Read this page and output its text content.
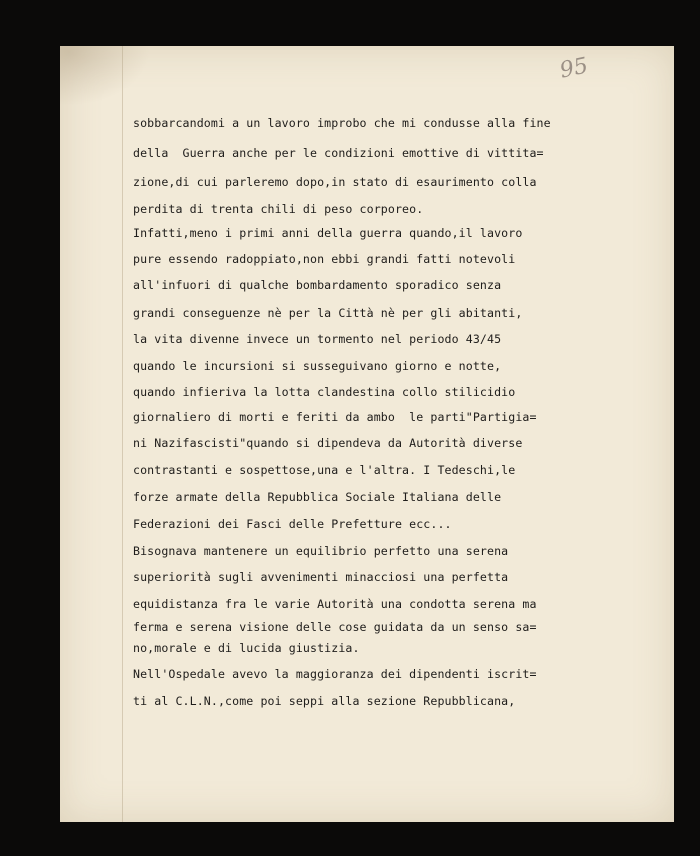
95
sobbarcandomi a un lavoro improbo che mi condusse alla fine
della  Guerra anche per le condizioni emottive di vittita=
zione,di cui parleremo dopo,in stato di esaurimento colla
perdita di trenta chili di peso corporeo.
Infatti,meno i primi anni della guerra quando,il lavoro
pure essendo radoppiato,non ebbi grandi fatti notevoli
all'infuori di qualche bombardamento sporadico senza
grandi conseguenze nè per la Città nè per gli abitanti,
la vita divenne invece un tormento nel periodo 43/45
quando le incursioni si susseguivano giorno e notte,
quando infieriva la lotta clandestina collo stilicidio
giornaliero di morti e feriti da ambo  le parti"Partigia=
ni Nazifascisti"quando si dipendeva da Autorità diverse
contrastanti e sospettose,una e l'altra. I Tedeschi,le
forze armate della Repubblica Sociale Italiana delle
Federazioni dei Fasci delle Prefetture ecc...
Bisognava mantenere un equilibrio perfetto una serena
superiorità sugli avvenimenti minacciosi una perfetta
equidistanza fra le varie Autorità una condotta serena ma
ferma e serena visione delle cose guidata da un senso sa=
no,morale e di lucida giustizia.
Nell'Ospedale avevo la maggioranza dei dipendenti iscrit=
ti al C.L.N.,come poi seppi alla sezione Repubblicana,
